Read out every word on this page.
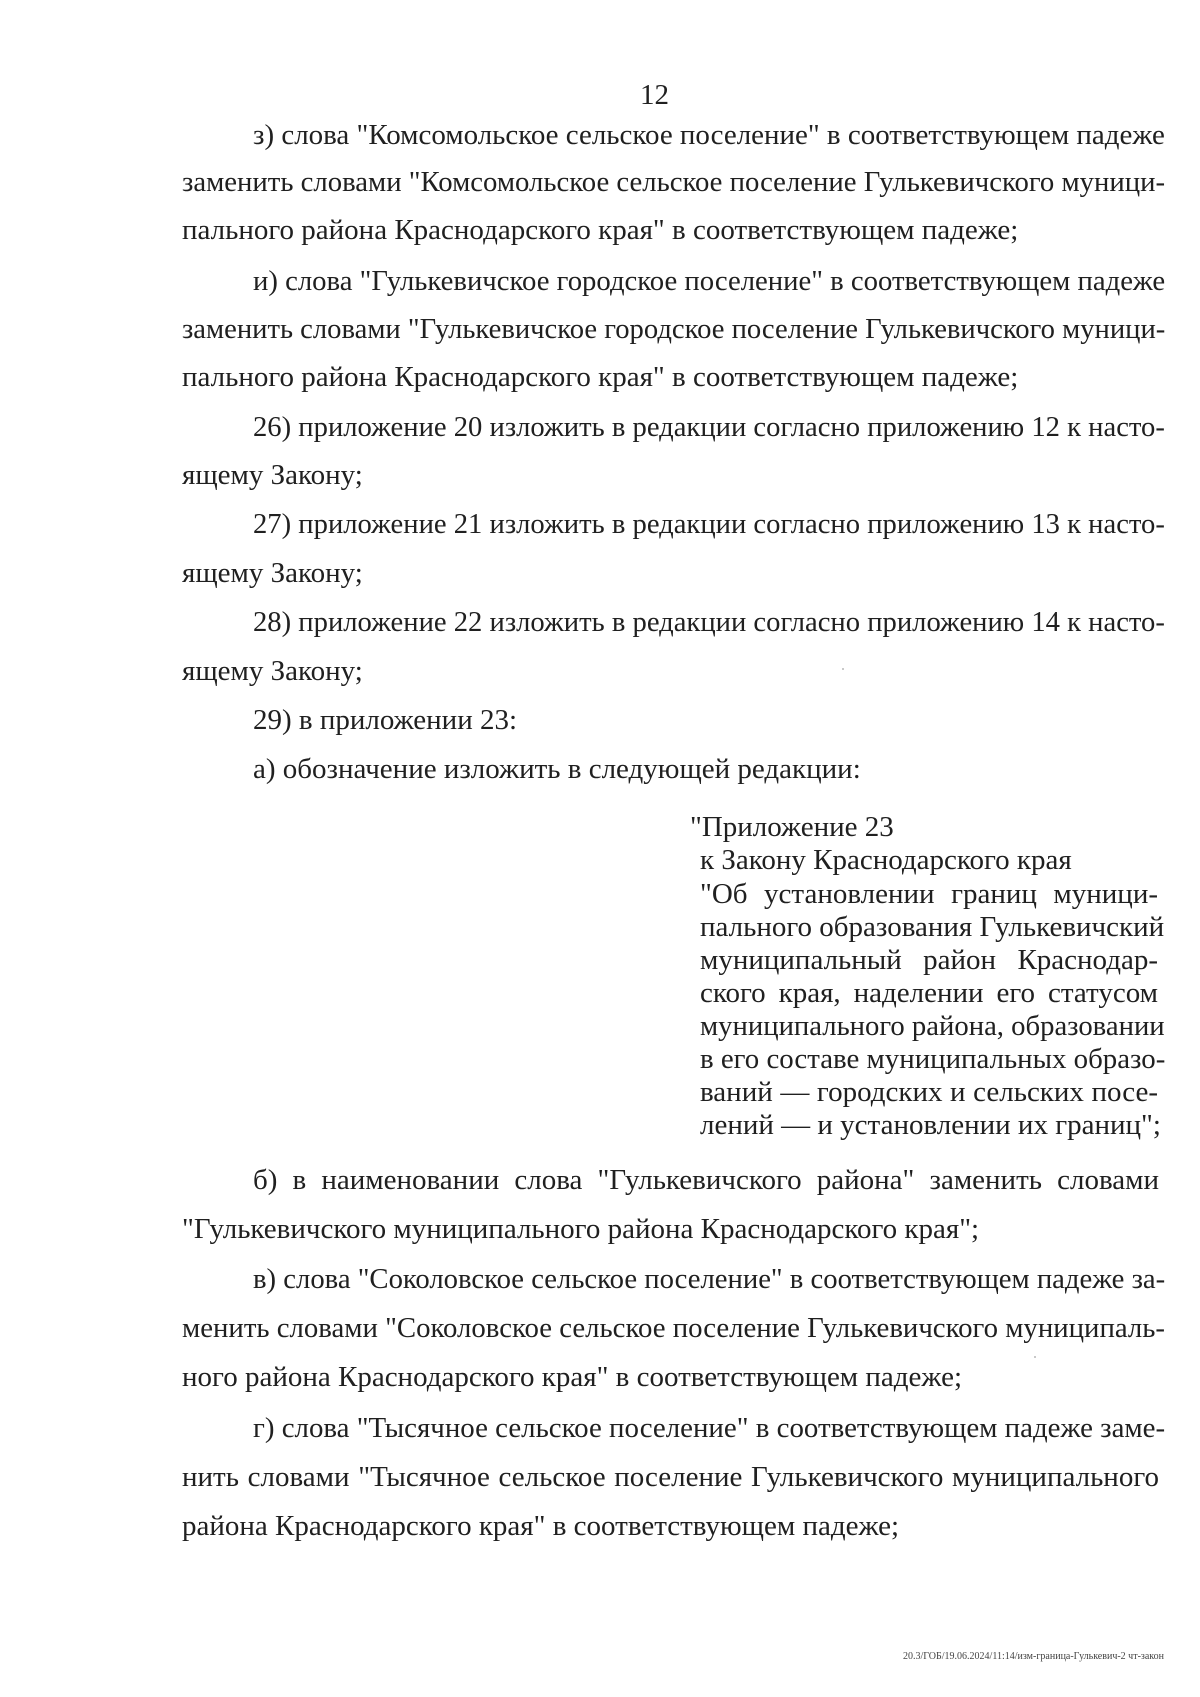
12
з) слова "Комсомольское сельское поселение" в соответствующем падеже
заменить словами "Комсомольское сельское поселение Гулькевичского муници-
пального района Краснодарского края" в соответствующем падеже;
и) слова "Гулькевичское городское поселение" в соответствующем падеже
заменить словами "Гулькевичское городское поселение Гулькевичского муници-
пального района Краснодарского края" в соответствующем падеже;
26) приложение 20 изложить в редакции согласно приложению 12 к насто-
ящему Закону;
27) приложение 21 изложить в редакции согласно приложению 13 к насто-
ящему Закону;
28) приложение 22 изложить в редакции согласно приложению 14 к насто-
ящему Закону;
29) в приложении 23:
а) обозначение изложить в следующей редакции:
"Приложение 23
к Закону Краснодарского края
"Об установлении границ муници-
пального образования Гулькевичский
муниципальный район Краснодар-
ского края, наделении его статусом
муниципального района, образовании
в его составе муниципальных образо-
ваний — городских и сельских посе-
лений — и установлении их границ";
б) в наименовании слова "Гулькевичского района" заменить словами
"Гулькевичского муниципального района Краснодарского края";
в) слова "Соколовское сельское поселение" в соответствующем падеже за-
менить словами "Соколовское сельское поселение Гулькевичского муниципаль-
ного района Краснодарского края" в соответствующем падеже;
г) слова "Тысячное сельское поселение" в соответствующем падеже заме-
нить словами "Тысячное сельское поселение Гулькевичского муниципального
района Краснодарского края" в соответствующем падеже;
20.3/ГОБ/19.06.2024/11:14/изм-граница-Гулькевич-2 чт-закон
